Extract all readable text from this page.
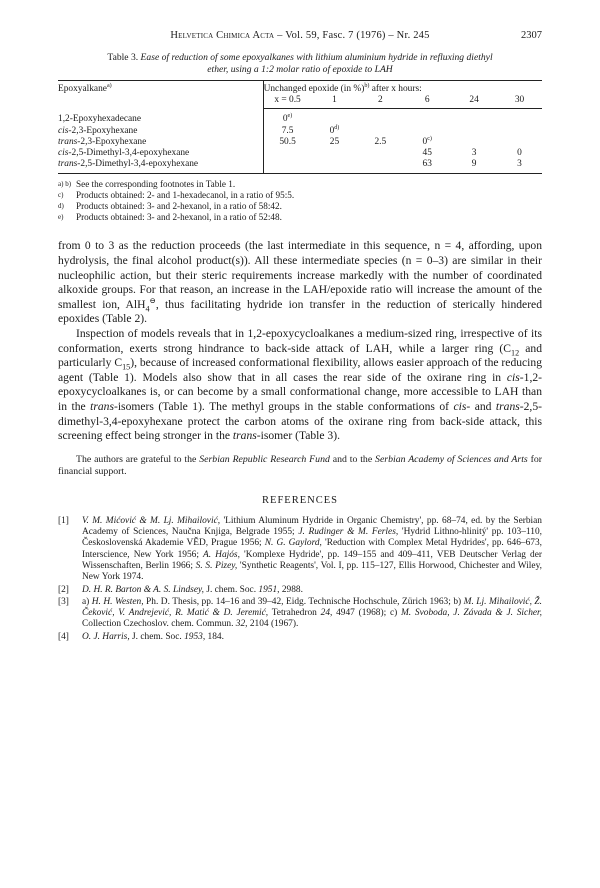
Helvetica Chimica Acta – Vol. 59, Fasc. 7 (1976) – Nr. 245	2307
Table 3. Ease of reduction of some epoxyalkanes with lithium aluminium hydride in refluxing diethyl
ether, using a 1:2 molar ratio of epoxide to LAH
Epoxyalkane$^{a)}$	Unchanged epoxide (in %)$^{b)}$ after x hours:					
	x = 0.5	1	2	6	24	30
1,2-Epoxyhexadecane	0$^{e)}$					
cis-2,3-Epoxyhexane	7.5	0$^{d)}$				
trans-2,3-Epoxyhexane	50.5	25	2.5	0$^{c)}$		
cis-2,5-Dimethyl-3,4-epoxyhexane				45	3	0
trans-2,5-Dimethyl-3,4-epoxyhexane				63	9	3
a) b) See the corresponding footnotes in Table 1.
c) Products obtained: 2- and 1-hexadecanol, in a ratio of 95:5.
d) Products obtained: 3- and 2-hexanol, in a ratio of 58:42.
e) Products obtained: 3- and 2-hexanol, in a ratio of 52:48.

from 0 to 3 as the reduction proceeds (the last intermediate in this sequence, n = 4, affording, upon hydrolysis, the final alcohol product(s)). All these intermediate species (n = 0–3) are similar in their nucleophilic action, but their steric requirements increase markedly with the number of coordinated alkoxide groups. For that reason, an increase in the LAH/epoxide ratio will increase the amount of the smallest ion, AlH$_4$⊖, thus facilitating hydride ion transfer in the reduction of sterically hindered epoxides (Table 2).

Inspection of models reveals that in 1,2-epoxycycloalkanes a medium-sized ring, irrespective of its conformation, exerts strong hindrance to back-side attack of LAH, while a larger ring ($C_{12}$ and particularly $C_{15}$), because of increased conformational flexibility, allows easier approach of the reducing agent (Table 1). Models also show that in all cases the rear side of the oxirane ring in cis-1,2-epoxycycloalkanes is, or can become by a small conformational change, more accessible to LAH than in the trans-isomers (Table 1). The methyl groups in the stable conformations of cis- and trans-2,5-dimethyl-3,4-epoxyhexane protect the carbon atoms of the oxirane ring from back-side attack, this screening effect being stronger in the trans-isomer (Table 3).

The authors are grateful to the Serbian Republic Research Fund and to the Serbian Academy of Sciences and Arts for financial support.
REFERENCES
[1] V. M. Mićović & M. Lj. Mihailović, 'Lithium Aluminum Hydride in Organic Chemistry', pp. 68–74, ed. by the Serbian Academy of Sciences, Naučna Knjiga, Belgrade 1955; J. Rudinger & M. Ferles, 'Hydrid Lithno-hlinitý' pp. 103–110, Československá Akademie VĚD, Prague 1956; N. G. Gaylord, 'Reduction with Complex Metal Hydrides', pp. 646–673, Interscience, New York 1956; A. Hajós, 'Komplexe Hydride', pp. 149–155 and 409–411, VEB Deutscher Verlag der Wissenschaften, Berlin 1966; S. S. Pizey, 'Synthetic Reagents', Vol. I, pp. 115–127, Ellis Horwood, Chichester and Wiley, New York 1974.
[2] D. H. R. Barton & A. S. Lindsey, J. chem. Soc. 1951, 2988.
[3] a) H. H. Westen, Ph. D. Thesis, pp. 14–16 and 39–42, Eidg. Technische Hochschule, Zürich 1963; b) M. Lj. Mihailović, Ž. Čeković, V. Andrejević, R. Matić & D. Jeremić, Tetrahedron 24, 4947 (1968); c) M. Svoboda, J. Závada & J. Sicher, Collection Czechoslov. chem. Commun. 32, 2104 (1967).
[4] O. J. Harris, J. chem. Soc. 1953, 184.
